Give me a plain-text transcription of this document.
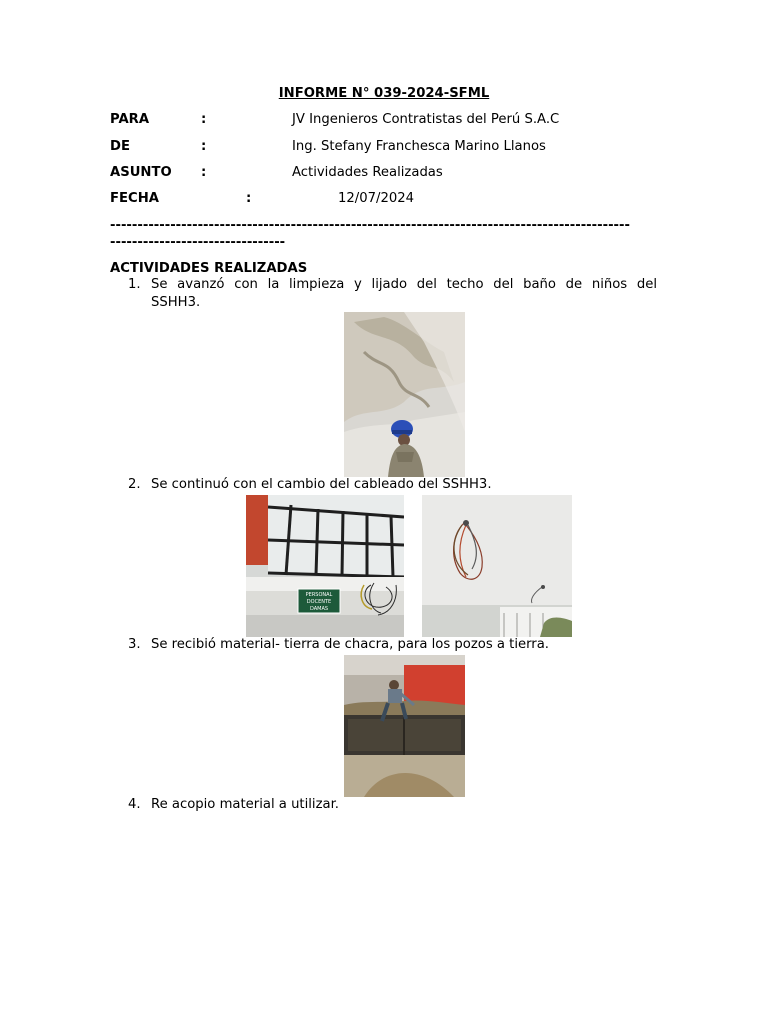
INFORME N° 039-2024-SFML
PARA	:	JV Ingenieros Contratistas del Perú S.A.C
DE	:	Ing. Stefany Franchesca Marino Llanos
ASUNTO :	Actividades Realizadas
FECHA	:	12/07/2024
-----------------------------------------------------------------------------------------------
--------------------------------
ACTIVIDADES REALIZADAS
1. Se avanzó con la limpieza y lijado del techo del baño de niños del
SSHH3.
2. Se continuó con el cambio del cableado del SSHH3.
PERSONAL
DOCENTE
DAMAS
3. Se recibió material- tierra de chacra, para los pozos a tierra.
4. Re acopio material a utilizar.
